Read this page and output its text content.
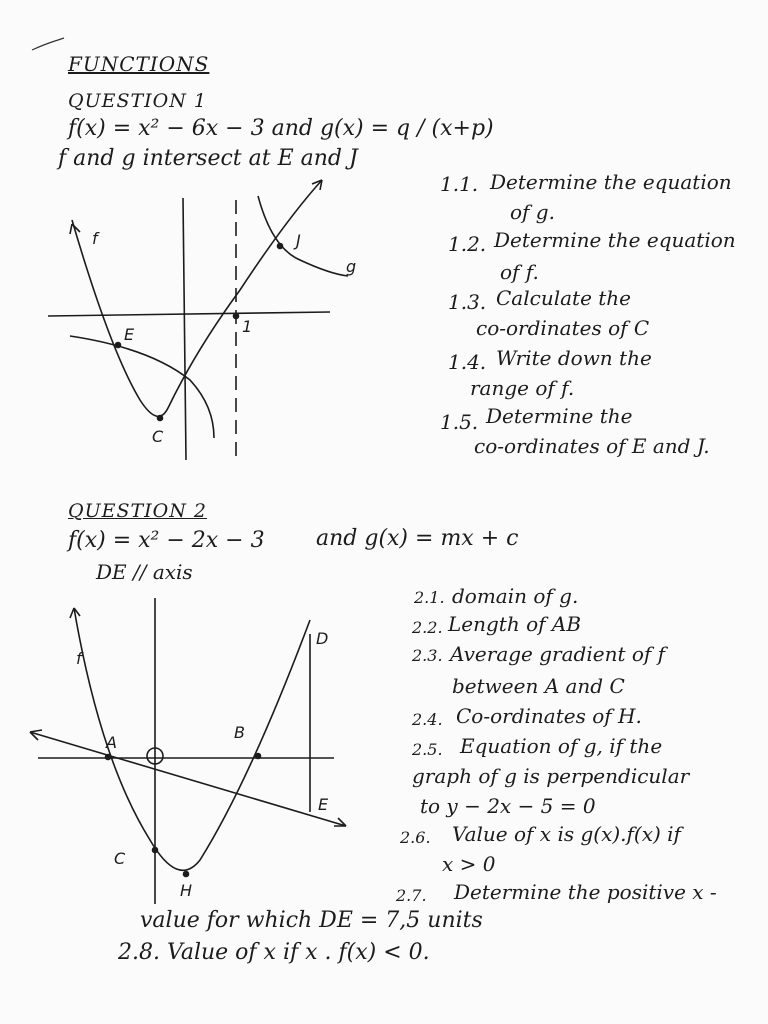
FUNCTIONS
QUESTION 1
f(x) = x² − 6x − 3 and g(x) = q / (x+p)
f and g intersect at E and J
1.1. Determine the equation
of g.
1.2. Determine the equation
of f.
1.3. Calculate the
co-ordinates of C
1.4. Write down the
range of f.
1.5. Determine the
co-ordinates of E and J.
QUESTION 2
f(x) = x² − 2x − 3 and g(x) = mx + c
DE // axis
2.1. domain of g.
2.2. Length of AB
2.3. Average gradient of f
between A and C
2.4. Co-ordinates of H.
2.5. Equation of g, if the
graph of g is perpendicular
to y − 2x − 5 = 0
2.6. Value of x is g(x).f(x) if
x > 0
2.7. Determine the positive x -
value for which DE = 7,5 units
2.8. Value of x if x . f(x) < 0.
f
g
E
J
C
1
f
A
B
C
D
E
H
